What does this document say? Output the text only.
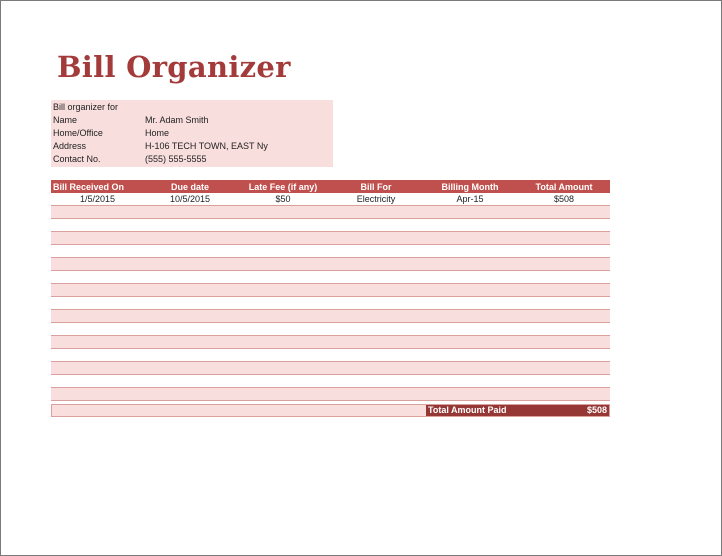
Bill Organizer
Bill organizer for
Name	Mr. Adam Smith
Home/Office	Home
Address	H-106 TECH TOWN, EAST Ny
Contact No.	(555) 555-5555
Bill Received On	Due date	Late Fee (if any)	Bill For	Billing Month	Total Amount
1/5/2015	10/5/2015	$50	Electricity	Apr-15	$508

Total Amount Paid	$508
